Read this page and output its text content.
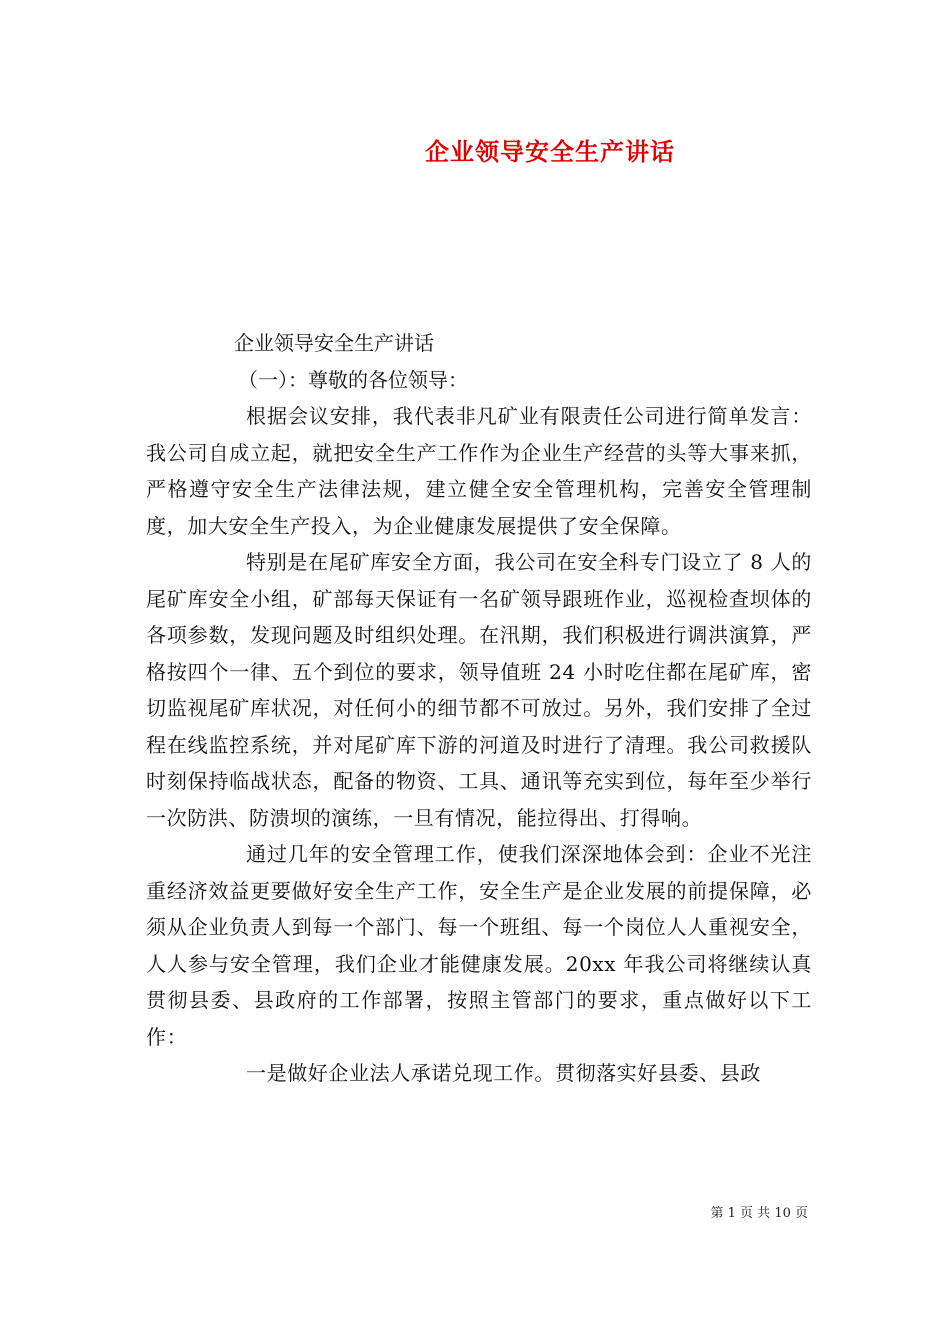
企业领导安全生产讲话
企业领导安全生产讲话
（一）：尊敬的各位领导：

根据会议安排，我代表非凡矿业有限责任公司进行简单发言：我公司自成立起，就把安全生产工作作为企业生产经营的头等大事来抓，严格遵守安全生产法律法规，建立健全安全管理机构，完善安全管理制度，加大安全生产投入，为企业健康发展提供了安全保障。

特别是在尾矿库安全方面，我公司在安全科专门设立了 8 人的尾矿库安全小组，矿部每天保证有一名矿领导跟班作业，巡视检查坝体的各项参数，发现问题及时组织处理。在汛期，我们积极进行调洪演算，严格按四个一律、五个到位的要求，领导值班 24 小时吃住都在尾矿库，密切监视尾矿库状况，对任何小的细节都不可放过。另外，我们安排了全过程在线监控系统，并对尾矿库下游的河道及时进行了清理。我公司救援队时刻保持临战状态，配备的物资、工具、通讯等充实到位，每年至少举行一次防洪、防溃坝的演练，一旦有情况，能拉得出、打得响。

通过几年的安全管理工作，使我们深深地体会到：企业不光注重经济效益更要做好安全生产工作，安全生产是企业发展的前提保障，必须从企业负责人到每一个部门、每一个班组、每一个岗位人人重视安全，人人参与安全管理，我们企业才能健康发展。20xx 年我公司将继续认真贯彻县委、县政府的工作部署，按照主管部门的要求，重点做好以下工作：

一是做好企业法人承诺兑现工作。贯彻落实好县委、县政

第 1 页 共 10 页
